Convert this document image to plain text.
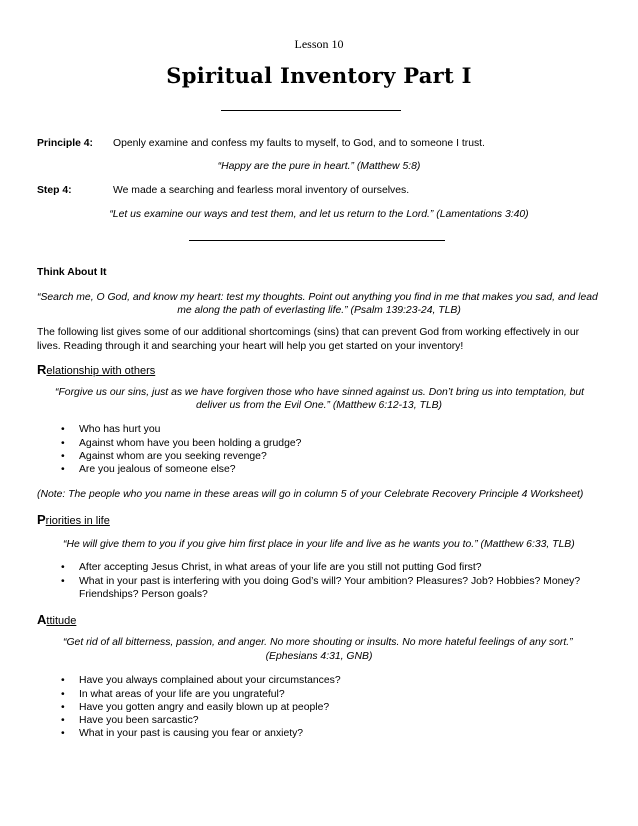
Lesson 10
Spiritual Inventory Part I
Principle 4: Openly examine and confess my faults to myself, to God, and to someone I trust.
“Happy are the pure in heart.” (Matthew 5:8)
Step 4:	We made a searching and fearless moral inventory of ourselves.
“Let us examine our ways and test them, and let us return to the Lord.” (Lamentations 3:40)
Think About It
“Search me, O God, and know my heart: test my thoughts. Point out anything you find in me that makes you sad, and lead
me along the path of everlasting life.” (Psalm 139:23-24, TLB)
The following list gives some of our additional shortcomings (sins) that can prevent God from working effectively in our
lives. Reading through it and searching your heart will help you get started on your inventory!
Relationship with others
“Forgive us our sins, just as we have forgiven those who have sinned against us. Don’t bring us into temptation, but
deliver us from the Evil One.” (Matthew 6:12-13, TLB)
• Who has hurt you
• Against whom have you been holding a grudge?
• Against whom are you seeking revenge?
• Are you jealous of someone else?
(Note: The people who you name in these areas will go in column 5 of your Celebrate Recovery Principle 4 Worksheet)
Priorities in life
“He will give them to you if you give him first place in your life and live as he wants you to.” (Matthew 6:33, TLB)
• After accepting Jesus Christ, in what areas of your life are you still not putting God first?
• What in your past is interfering with you doing God’s will? Your ambition? Pleasures? Job? Hobbies? Money?
Friendships? Person goals?
Attitude
“Get rid of all bitterness, passion, and anger. No more shouting or insults. No more hateful feelings of any sort.”
(Ephesians 4:31, GNB)
• Have you always complained about your circumstances?
• In what areas of your life are you ungrateful?
• Have you gotten angry and easily blown up at people?
• Have you been sarcastic?
• What in your past is causing you fear or anxiety?
